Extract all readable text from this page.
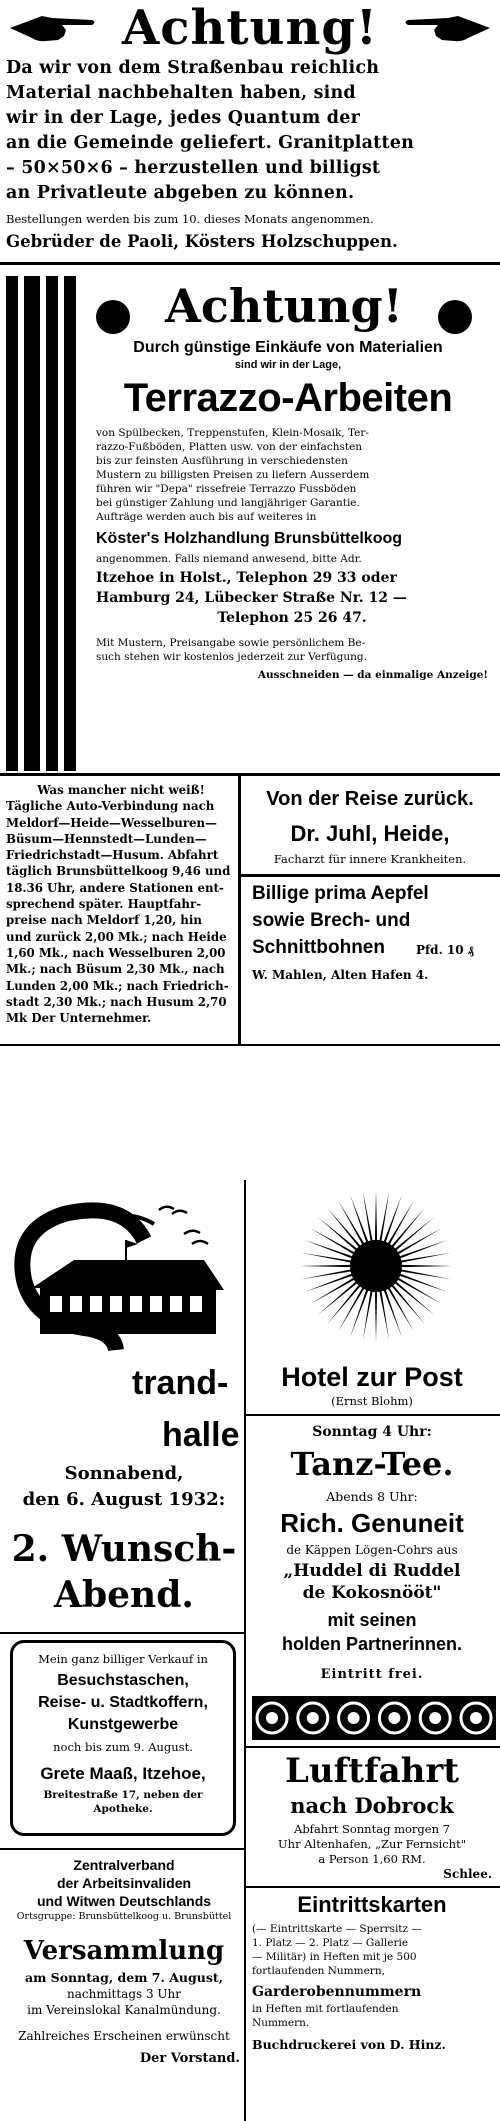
Achtung!

Da wir von dem Straßenbau reichlich

Material nachbehalten haben, sind

wir in der Lage, jedes Quantum der

an die Gemeinde geliefert. Granitplatten

– 50×50×6 – herzustellen und billigst

an Privatleute abgeben zu können.

Bestellungen werden bis zum 10. dieses Monats angenommen.
Gebrüder de Paoli, Kösters Holzschuppen.
Achtung!
Durch günstige Einkäufe von Materialien
sind wir in der Lage,
Terrazzo-Arbeiten

von Spülbecken, Treppenstufen, Klein-Mosaik, Ter-

razzo-Fußböden, Platten usw. von der einfachsten

bis zur feinsten Ausführung in verschiedensten

Mustern zu billigsten Preisen zu liefern Ausserdem

führen wir "Depa" rissefreie Terrazzo Fussböden

bei günstiger Zahlung und langjähriger Garantie.

Aufträge werden auch bis auf weiteres in

Köster's Holzhandlung Brunsbüttelkoog
angenommen. Falls niemand anwesend, bitte Adr.
Itzehoe in Holst., Telephon 29 33 oder
Hamburg 24, Lübecker Straße Nr. 12 —
Telephon 25 26 47.
Mit Mustern, Preisangabe sowie persönlichem Be-
such stehen wir kostenlos jederzeit zur Verfügung.
Ausschneiden — da einmalige Anzeige!

Was mancher nicht weiß!

Tägliche Auto-Verbindung nach

Meldorf—Heide—Wesselburen—

Büsum—Hennstedt—Lunden—

Friedrichstadt—Husum. Abfahrt

täglich Brunsbüttelkoog 9,46 und

18.36 Uhr, andere Stationen ent-

sprechend später. Hauptfahr-

preise nach Meldorf 1,20, hin

und zurück 2,00 Mk.; nach Heide

1,60 Mk., nach Wesselburen 2,00

Mk.; nach Büsum 2,30 Mk., nach

Lunden 2,00 Mk.; nach Friedrich-

stadt 2,30 Mk.; nach Husum 2,70

Mk Der Unternehmer.

Von der Reise zurück.
Dr. Juhl, Heide,
Facharzt für innere Krankheiten.
Billige prima Aepfel
sowie Brech- und
Schnittbohnen	Pfd. 10 ₰
W. Mahlen, Alten Hafen 4.
trand-
halle
Sonnabend,
den 6. August 1932:
2. Wunsch-
Abend.
Mein ganz billiger Verkauf in
Besuchstaschen,
Reise- u. Stadtkoffern,
Kunstgewerbe
noch bis zum 9. August.
Grete Maaß, Itzehoe,
Breitestraße 17, neben der Apotheke.
Zentralverband
der Arbeitsinvaliden
und Witwen Deutschlands
Ortsgruppe: Brunsbüttelkoog u. Brunsbüttel
Versammlung
am Sonntag, dem 7. August,
nachmittags 3 Uhr
im Vereinslokal Kanalmündung.
Zahlreiches Erscheinen erwünscht
Der Vorstand.
Hotel zur Post
(Ernst Blohm)
Sonntag 4 Uhr:
Tanz-Tee.
Abends 8 Uhr:
Rich. Genuneit
de Käppen Lögen-Cohrs aus
„Huddel di Ruddel
de Kokosnööt"
mit seinen
holden Partnerinnen.
Eintritt frei.
Luftfahrt
nach Dobrock
Abfahrt Sonntag morgen 7
Uhr Altenhafen, „Zur Fernsicht"
a Person 1,60 RM.
Schlee.
Eintrittskarten

(— Eintrittskarte — Sperrsitz —

1. Platz — 2. Platz — Gallerie

— Militär) in Heften mit je 500

fortlaufenden Nummern,

Garderobennummern
in Heften mit fortlaufenden
Nummern.
Buchdruckerei von D. Hinz.
